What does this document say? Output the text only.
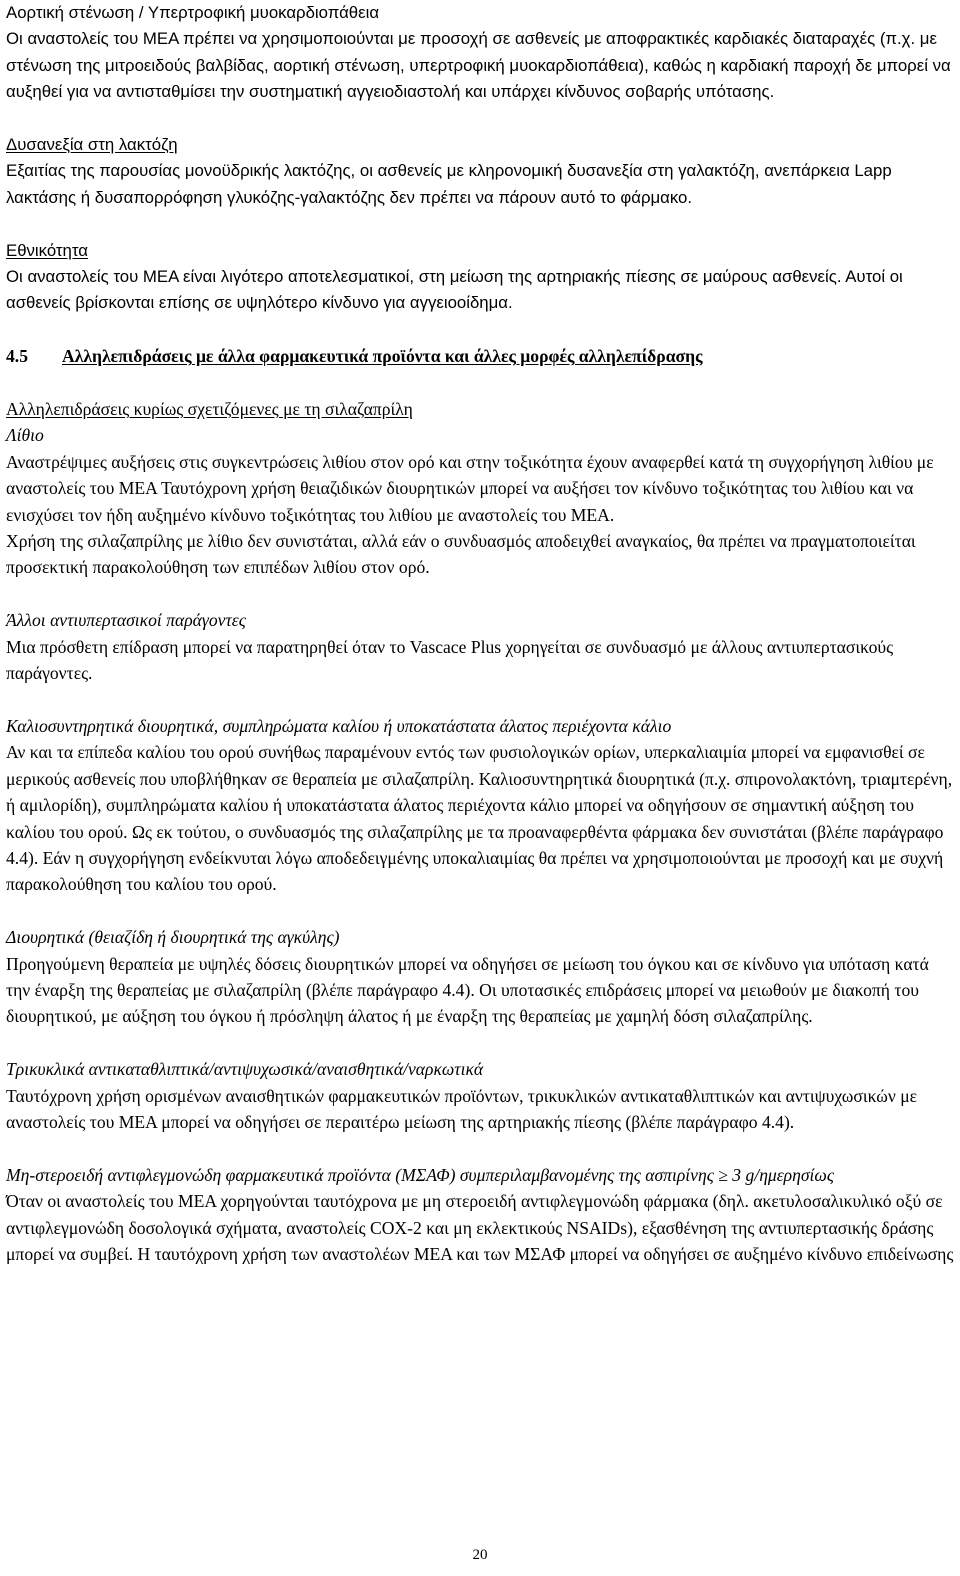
Αορτική στένωση / Υπερτροφική μυοκαρδιοπάθεια

Οι αναστολείς του ΜΕΑ πρέπει να χρησιμοποιούνται με προσοχή σε ασθενείς με αποφρακτικές καρδιακές διαταραχές (π.χ. με στένωση της μιτροειδούς βαλβίδας, αορτική στένωση, υπερτροφική μυοκαρδιοπάθεια), καθώς η καρδιακή παροχή δε μπορεί να αυξηθεί για να αντισταθμίσει την συστηματική αγγειοδιαστολή και υπάρχει κίνδυνος σοβαρής υπότασης.

Δυσανεξία στη λακτόζη

Εξαιτίας της παρουσίας μονοϋδρικής λακτόζης, οι ασθενείς με κληρονομική δυσανεξία στη γαλακτόζη, ανεπάρκεια Lapp λακτάσης ή δυσαπορρόφηση γλυκόζης-γαλακτόζης δεν πρέπει να πάρουν αυτό το φάρμακο.

Εθνικότητα

Οι αναστολείς του ΜΕΑ είναι λιγότερο αποτελεσματικοί, στη μείωση της αρτηριακής πίεσης σε μαύρους ασθενείς. Αυτοί οι ασθενείς βρίσκονται επίσης σε υψηλότερο κίνδυνο για αγγειοοίδημα.

4.5	Αλληλεπιδράσεις με άλλα φαρμακευτικά προϊόντα και άλλες μορφές αλληλεπίδρασης

Αλληλεπιδράσεις κυρίως σχετιζόμενες με τη σιλαζαπρίλη

Λίθιο

Αναστρέψιμες αυξήσεις στις συγκεντρώσεις λιθίου στον ορό και στην τοξικότητα έχουν αναφερθεί κατά τη συγχορήγηση λιθίου με αναστολείς του ΜΕΑ Ταυτόχρονη χρήση θειαζιδικών διουρητικών μπορεί να αυξήσει τον κίνδυνο τοξικότητας του λιθίου και να ενισχύσει τον ήδη αυξημένο κίνδυνο τοξικότητας του λιθίου με αναστολείς του ΜΕΑ.

Χρήση της σιλαζαπρίλης με λίθιο δεν συνιστάται, αλλά εάν ο συνδυασμός αποδειχθεί αναγκαίος, θα πρέπει να πραγματοποιείται προσεκτική παρακολούθηση των επιπέδων λιθίου στον ορό.

Άλλοι αντιυπερτασικοί παράγοντες

Μια πρόσθετη επίδραση μπορεί να παρατηρηθεί όταν το Vascace Plus χορηγείται σε συνδυασμό με άλλους αντιυπερτασικούς παράγοντες.

Καλιοσυντηρητικά διουρητικά, συμπληρώματα καλίου ή υποκατάστατα άλατος περιέχοντα κάλιο

Αν και τα επίπεδα καλίου του ορού συνήθως παραμένουν εντός των φυσιολογικών ορίων, υπερκαλιαιμία μπορεί να εμφανισθεί σε μερικούς ασθενείς που υποβλήθηκαν σε θεραπεία με σιλαζαπρίλη. Καλιοσυντηρητικά διουρητικά (π.χ. σπιρονολακτόνη, τριαμτερένη, ή αμιλορίδη), συμπληρώματα καλίου ή υποκατάστατα άλατος περιέχοντα κάλιο μπορεί να οδηγήσουν σε σημαντική αύξηση του καλίου του ορού. Ως εκ τούτου, ο συνδυασμός της σιλαζαπρίλης με τα προαναφερθέντα φάρμακα δεν συνιστάται (βλέπε παράγραφο 4.4). Εάν η συγχορήγηση ενδείκνυται λόγω αποδεδειγμένης υποκαλιαιμίας θα πρέπει να χρησιμοποιούνται με προσοχή και με συχνή παρακολούθηση του καλίου του ορού.

Διουρητικά (θειαζίδη ή διουρητικά της αγκύλης)

Προηγούμενη θεραπεία με υψηλές δόσεις διουρητικών μπορεί να οδηγήσει σε μείωση του όγκου και σε κίνδυνο για υπόταση κατά την έναρξη της θεραπείας με σιλαζαπρίλη (βλέπε παράγραφο 4.4). Οι υποτασικές επιδράσεις μπορεί να μειωθούν με διακοπή του διουρητικού, με αύξηση του όγκου ή πρόσληψη άλατος ή με έναρξη της θεραπείας με χαμηλή δόση σιλαζαπρίλης.

Τρικυκλικά αντικαταθλιπτικά/αντιψυχωσικά/αναισθητικά/ναρκωτικά

Ταυτόχρονη χρήση ορισμένων αναισθητικών φαρμακευτικών προϊόντων, τρικυκλικών αντικαταθλιπτικών και αντιψυχωσικών με αναστολείς του ΜΕΑ μπορεί να οδηγήσει σε περαιτέρω μείωση της αρτηριακής πίεσης (βλέπε παράγραφο 4.4).

Μη-στεροειδή αντιφλεγμονώδη φαρμακευτικά προϊόντα (ΜΣΑΦ) συμπεριλαμβανομένης της ασπιρίνης ≥ 3 g/ημερησίως

Όταν οι αναστολείς του ΜΕΑ χορηγούνται ταυτόχρονα με μη στεροειδή αντιφλεγμονώδη φάρμακα (δηλ. ακετυλοσαλικυλικό οξύ σε αντιφλεγμονώδη δοσολογικά σχήματα, αναστολείς COX-2 και μη εκλεκτικούς NSAIDs), εξασθένηση της αντιυπερτασικής δράσης μπορεί να συμβεί. Η ταυτόχρονη χρήση των αναστολέων ΜΕΑ και των ΜΣΑΦ μπορεί να οδηγήσει σε αυξημένο κίνδυνο επιδείνωσης

20
